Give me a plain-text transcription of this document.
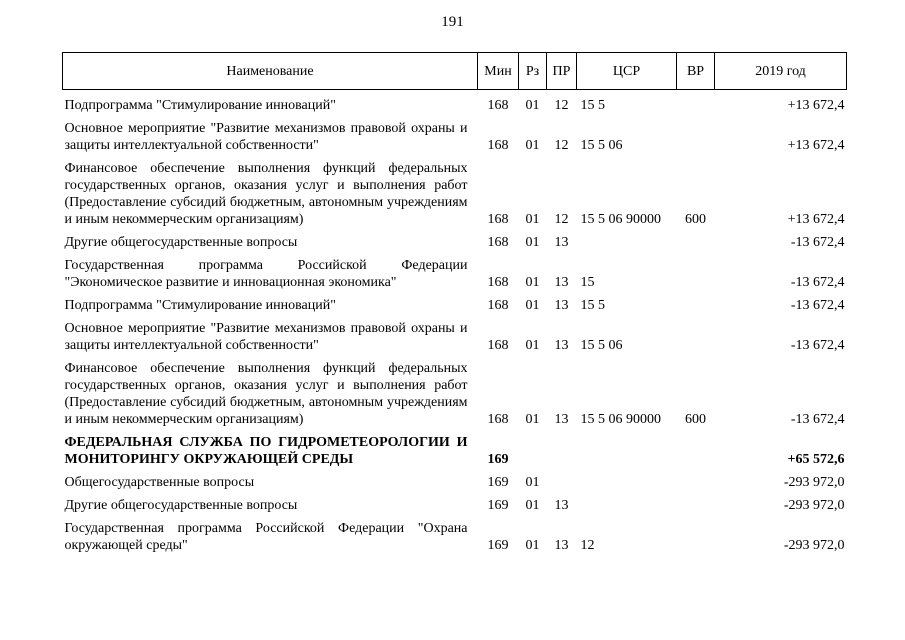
191
Наименование	Мин	Рз	ПР	ЦСР	ВР	2019 год
Подпрограмма "Стимулирование инноваций"	168	01	12	15 5		+13 672,4
Основное мероприятие "Развитие механизмов правовой охраны и защиты интеллектуальной собственности"	168	01	12	15 5 06		+13 672,4
Финансовое обеспечение выполнения функций федеральных государственных органов, оказания услуг и выполнения работ (Предоставление субсидий бюджетным, автономным учреждениям и иным некоммерческим организациям)	168	01	12	15 5 06 90000	600	+13 672,4
Другие общегосударственные вопросы	168	01	13			-13 672,4
Государственная программа Российской Федерации "Экономическое развитие и инновационная экономика"	168	01	13	15		-13 672,4
Подпрограмма "Стимулирование инноваций"	168	01	13	15 5		-13 672,4
Основное мероприятие "Развитие механизмов правовой охраны и защиты интеллектуальной собственности"	168	01	13	15 5 06		-13 672,4
Финансовое обеспечение выполнения функций федеральных государственных органов, оказания услуг и выполнения работ (Предоставление субсидий бюджетным, автономным учреждениям и иным некоммерческим организациям)	168	01	13	15 5 06 90000	600	-13 672,4
ФЕДЕРАЛЬНАЯ СЛУЖБА ПО ГИДРОМЕТЕОРОЛОГИИ И МОНИТОРИНГУ ОКРУЖАЮЩЕЙ СРЕДЫ	169					+65 572,6
Общегосударственные вопросы	169	01				-293 972,0
Другие общегосударственные вопросы	169	01	13			-293 972,0
Государственная программа Российской Федерации "Охрана окружающей среды"	169	01	13	12		-293 972,0
